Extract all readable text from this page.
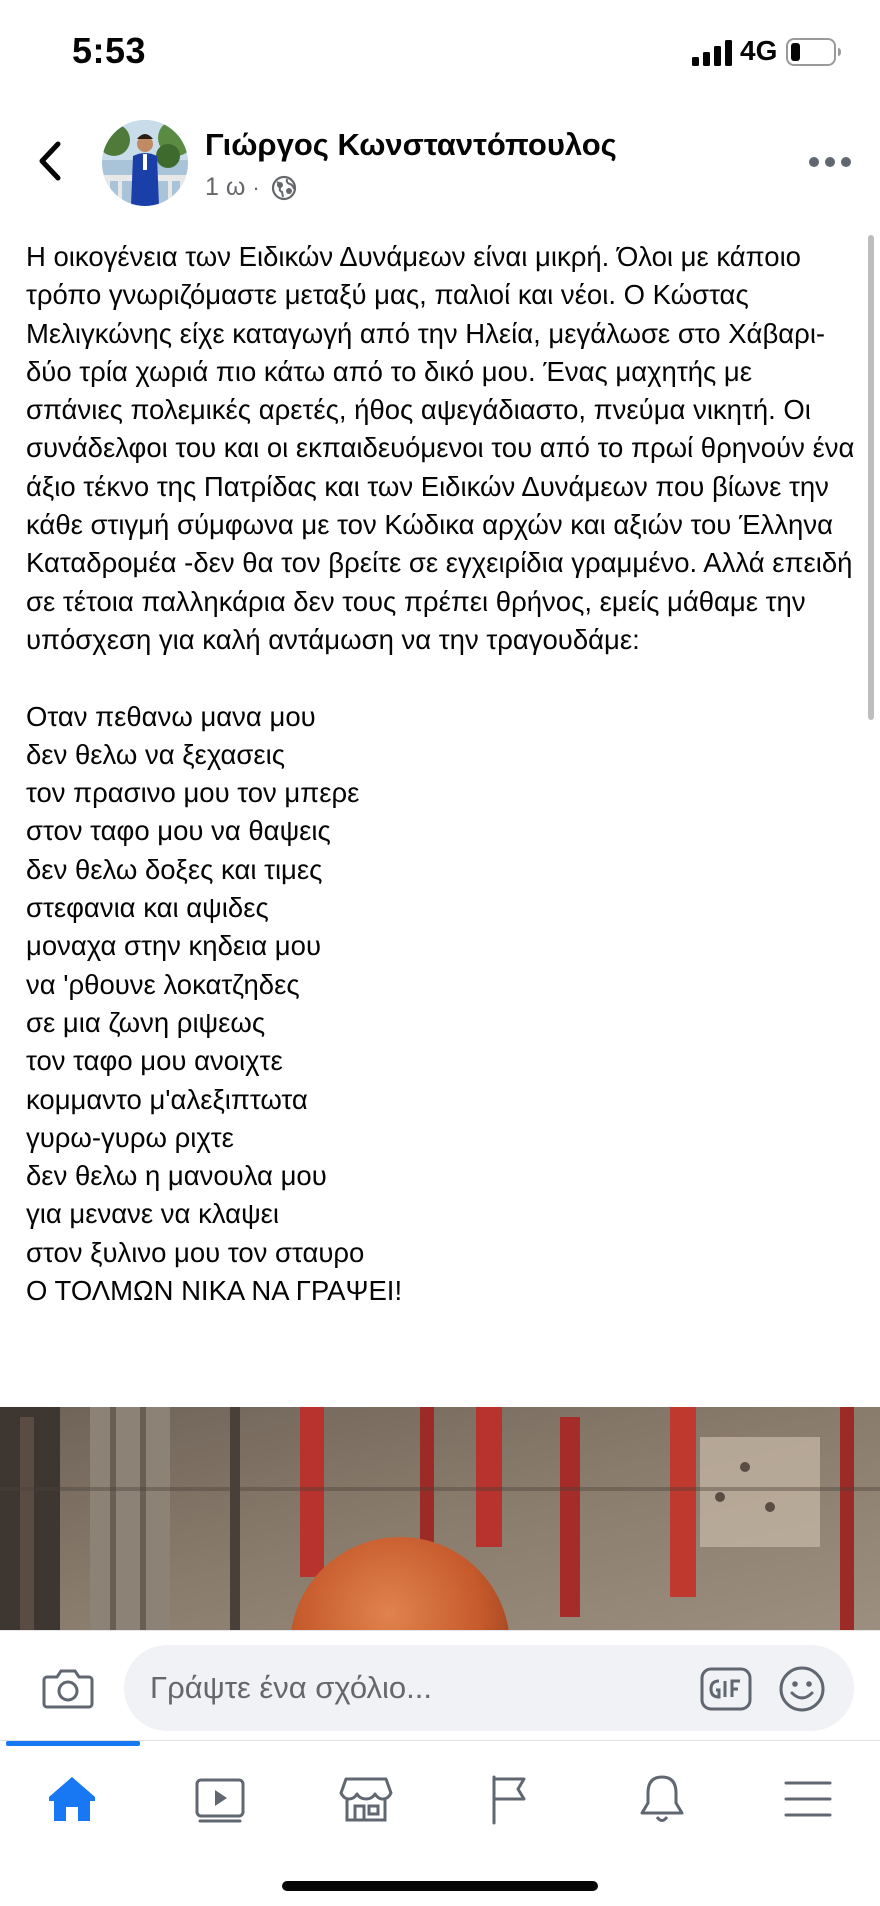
5:53	4G
Γιώργος Κωνσταντόπουλος
1 ω ·

Η οικογένεια των Ειδικών Δυνάμεων είναι μικρή. Όλοι με κάποιο τρόπο γνωριζόμαστε μεταξύ μας, παλιοί και νέοι. Ο Κώστας Μελιγκώνης είχε καταγωγή από την Ηλεία, μεγάλωσε στο Χάβαρι- δύο τρία χωριά πιο κάτω από το δικό μου. Ένας μαχητής με σπάνιες πολεμικές αρετές, ήθος αψεγάδιαστο, πνεύμα νικητή. Οι συνάδελφοι του και οι εκπαιδευόμενοι του από το πρωί θρηνούν ένα άξιο τέκνο της Πατρίδας και των Ειδικών Δυνάμεων που βίωνε την κάθε στιγμή σύμφωνα με τον Κώδικα αρχών και αξιών του Έλληνα Καταδρομέα -δεν θα τον βρείτε σε εγχειρίδια γραμμένο. Αλλά επειδή σε τέτοια παλληκάρια δεν τους πρέπει θρήνος, εμείς μάθαμε την υπόσχεση για καλή αντάμωση να την τραγουδάμε:

Οταν πεθανω μανα μου
δεν θελω να ξεχασεις
τον πρασινο μου τον μπερε
στον ταφο μου να θαψεις
δεν θελω δοξες και τιμες
στεφανια και αψιδες
μοναχα στην κηδεια μου
να 'ρθουνε λοκατζηδες
σε μια ζωνη ριψεως
τον ταφο μου ανοιχτε
κομμαντο μ'αλεξιπτωτα
γυρω-γυρω ριχτε
δεν θελω η μανουλα μου
για μενανε να κλαψει
στον ξυλινο μου τον σταυρο
Ο ΤΟΛΜΩΝ ΝΙΚΑ ΝΑ ΓΡΑΨΕΙ!

Γράψτε ένα σχόλιο...
